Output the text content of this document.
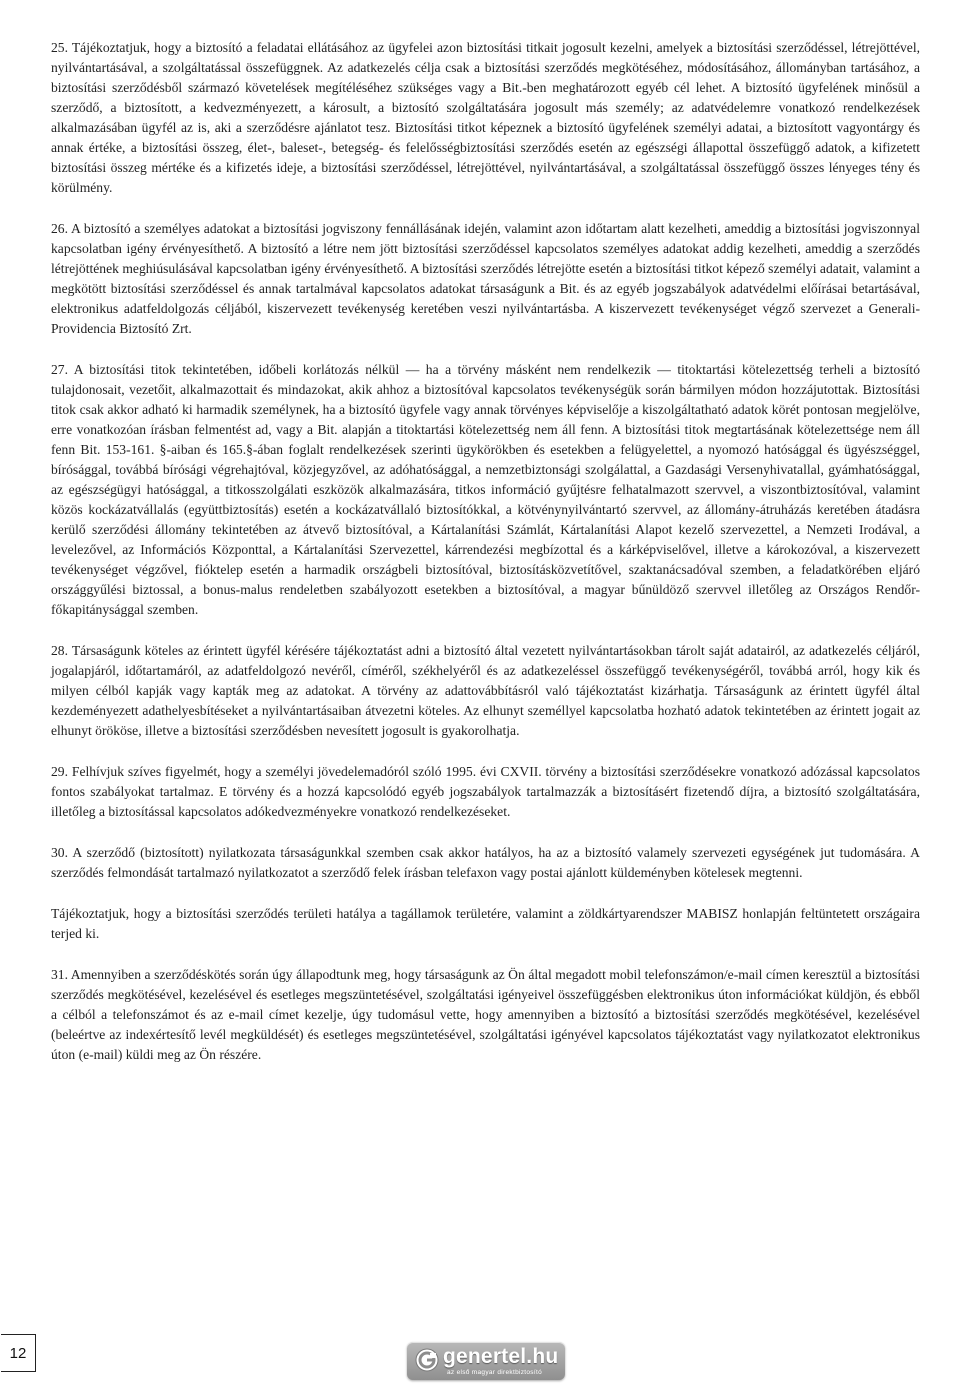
25. Tájékoztatjuk, hogy a biztosító a feladatai ellátásához az ügyfelei azon biztosítási titkait jogosult kezelni, amelyek a biztosítási szerződéssel, létrejöttével, nyilvántartásával, a szolgáltatással összefüggnek. Az adatkezelés célja csak a biztosítási szerződés megkötéséhez, módosításához, állományban tartásához, a biztosítási szerződésből származó követelések megítéléséhez szükséges vagy a Bit.-ben meghatározott egyéb cél lehet. A biztosító ügyfelének minősül a szerződő, a biztosított, a kedvezményezett, a károsult, a biztosító szolgáltatására jogosult más személy; az adatvédelemre vonatkozó rendelkezések alkalmazásában ügyfél az is, aki a szerződésre ajánlatot tesz. Biztosítási titkot képeznek a biztosító ügyfelének személyi adatai, a biztosított vagyontárgy és annak értéke, a biztosítási összeg, élet-, baleset-, betegség- és felelősségbiztosítási szerződés esetén az egészségi állapottal összefüggő adatok, a kifizetett biztosítási összeg mértéke és a kifizetés ideje, a biztosítási szerződéssel, létrejöttével, nyilvántartásával, a szolgáltatással összefüggő összes lényeges tény és körülmény.

26. A biztosító a személyes adatokat a biztosítási jogviszony fennállásának idején, valamint azon időtartam alatt kezelheti, ameddig a biztosítási jogviszonnyal kapcsolatban igény érvényesíthető. A biztosító a létre nem jött biztosítási szerződéssel kapcsolatos személyes adatokat addig kezelheti, ameddig a szerződés létrejöttének meghiúsulásával kapcsolatban igény érvényesíthető. A biztosítási szerződés létrejötte esetén a biztosítási titkot képező személyi adatait, valamint a megkötött biztosítási szerződéssel és annak tartalmával kapcsolatos adatokat társaságunk a Bit. és az egyéb jogszabályok adatvédelmi előírásai betartásával, elektronikus adatfeldolgozás céljából, kiszervezett tevékenység keretében veszi nyilvántartásba. A kiszervezett tevékenységet végző szervezet a Generali-Providencia Biztosító Zrt.

27. A biztosítási titok tekintetében, időbeli korlátozás nélkül — ha a törvény másként nem rendelkezik — titoktartási kötelezettség terheli a biztosító tulajdonosait, vezetőit, alkalmazottait és mindazokat, akik ahhoz a biztosítóval kapcsolatos tevékenységük során bármilyen módon hozzájutottak. Biztosítási titok csak akkor adható ki harmadik személynek, ha a biztosító ügyfele vagy annak törvényes képviselője a kiszolgáltatható adatok körét pontosan megjelölve, erre vonatkozóan írásban felmentést ad, vagy a Bit. alapján a titoktartási kötelezettség nem áll fenn. A biztosítási titok megtartásának kötelezettsége nem áll fenn Bit. 153-161. §-aiban és 165.§-ában foglalt rendelkezések szerinti ügykörökben és esetekben a felügyelettel, a nyomozó hatósággal és ügyészséggel, bírósággal, továbbá bírósági végrehajtóval, közjegyzővel, az adóhatósággal, a nemzetbiztonsági szolgálattal, a Gazdasági Versenyhivatallal, gyámhatósággal, az egészségügyi hatósággal, a titkosszolgálati eszközök alkalmazására, titkos információ gyűjtésre felhatalmazott szervvel, a viszontbiztosítóval, valamint közös kockázatvállalás (együttbiztosítás) esetén a kockázatvállaló biztosítókkal, a kötvénynyilvántartó szervvel, az állomány-átruházás keretében átadásra kerülő szerződési állomány tekintetében az átvevő biztosítóval, a Kártalanítási Számlát, Kártalanítási Alapot kezelő szervezettel, a Nemzeti Irodával, a levelezővel, az Információs Központtal, a Kártalanítási Szervezettel, kárrendezési megbízottal és a kárképviselővel, illetve a károkozóval, a kiszervezett tevékenységet végzővel, fióktelep esetén a harmadik országbeli biztosítóval, biztosításközvetítővel, szaktanácsadóval szemben, a feladatkörében eljáró országgyűlési biztossal, a bonus-malus rendeletben szabályozott esetekben a biztosítóval, a magyar bűnüldöző szervvel illetőleg az Országos Rendőr-főkapitánysággal szemben.

28. Társaságunk köteles az érintett ügyfél kérésére tájékoztatást adni a biztosító által vezetett nyilvántartásokban tárolt saját adatairól, az adatkezelés céljáról, jogalapjáról, időtartamáról, az adatfeldolgozó nevéről, címéről, székhelyéről és az adatkezeléssel összefüggő tevékenységéről, továbbá arról, hogy kik és milyen célból kapják vagy kapták meg az adatokat. A törvény az adattovábbításról való tájékoztatást kizárhatja. Társaságunk az érintett ügyfél által kezdeményezett adathelyesbítéseket a nyilvántartásaiban átvezetni köteles. Az elhunyt személlyel kapcsolatba hozható adatok tekintetében az érintett jogait az elhunyt örököse, illetve a biztosítási szerződésben nevesített jogosult is gyakorolhatja.

29. Felhívjuk szíves figyelmét, hogy a személyi jövedelemadóról szóló 1995. évi CXVII. törvény a biztosítási szerződésekre vonatkozó adózással kapcsolatos fontos szabályokat tartalmaz. E törvény és a hozzá kapcsolódó egyéb jogszabályok tartalmazzák a biztosításért fizetendő díjra, a biztosító szolgáltatására, illetőleg a biztosítással kapcsolatos adókedvezményekre vonatkozó rendelkezéseket.

30. A szerződő (biztosított) nyilatkozata társaságunkkal szemben csak akkor hatályos, ha az a biztosító valamely szervezeti egységének jut tudomására. A szerződés felmondását tartalmazó nyilatkozatot a szerződő felek írásban telefaxon vagy postai ajánlott küldeményben kötelesek megtenni.

Tájékoztatjuk, hogy a biztosítási szerződés területi hatálya a tagállamok területére, valamint a zöldkártyarendszer MABISZ honlapján feltüntetett országaira terjed ki.

31. Amennyiben a szerződéskötés során úgy állapodtunk meg, hogy társaságunk az Ön által megadott mobil telefonszámon/e-mail címen keresztül a biztosítási szerződés megkötésével, kezelésével és esetleges megszüntetésével, szolgáltatási igényeivel összefüggésben elektronikus úton információkat küldjön, és ebből a célból a telefonszámot és az e-mail címet kezelje, úgy tudomásul vette, hogy amennyiben a biztosító a biztosítási szerződés megkötésével, kezelésével (beleértve az indexértesítő levél megküldését) és esetleges megszüntetésével, szolgáltatási igényével kapcsolatos tájékoztatást vagy nyilatkozatot elektronikus úton (e-mail) küldi meg az Ön részére.

12	genertel.hu
az első magyar direktbiztosító
